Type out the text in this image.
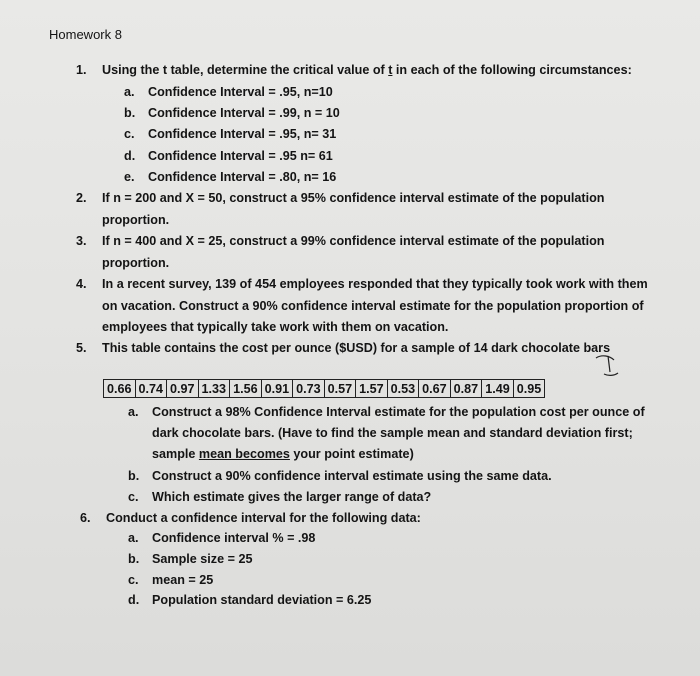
Homework 8
1. Using the t table, determine the critical value of t in each of the following circumstances:
a. Confidence Interval = .95, n=10
b. Confidence Interval = .99, n = 10
c. Confidence Interval = .95, n= 31
d. Confidence Interval = .95 n= 61
e. Confidence Interval = .80, n= 16
2. If n = 200 and X = 50, construct a 95% confidence interval estimate of the population
proportion.
3. If n = 400 and X = 25, construct a 99% confidence interval estimate of the population
proportion.
4. In a recent survey, 139 of 454 employees responded that they typically took work with them
on vacation. Construct a 90% confidence interval estimate for the population proportion of
employees that typically take work with them on vacation.
5. This table contains the cost per ounce ($USD) for a sample of 14 dark chocolate bars
0.66	0.74	0.97	1.33	1.56	0.91	0.73	0.57	1.57	0.53	0.67	0.87	1.49	0.95
a. Construct a 98% Confidence Interval estimate for the population cost per ounce of
dark chocolate bars. (Have to find the sample mean and standard deviation first;
sample mean becomes your point estimate)
b. Construct a 90% confidence interval estimate using the same data.
c. Which estimate gives the larger range of data?
6. Conduct a confidence interval for the following data:
a. Confidence interval % = .98
b. Sample size = 25
c. mean = 25
d. Population standard deviation = 6.25
